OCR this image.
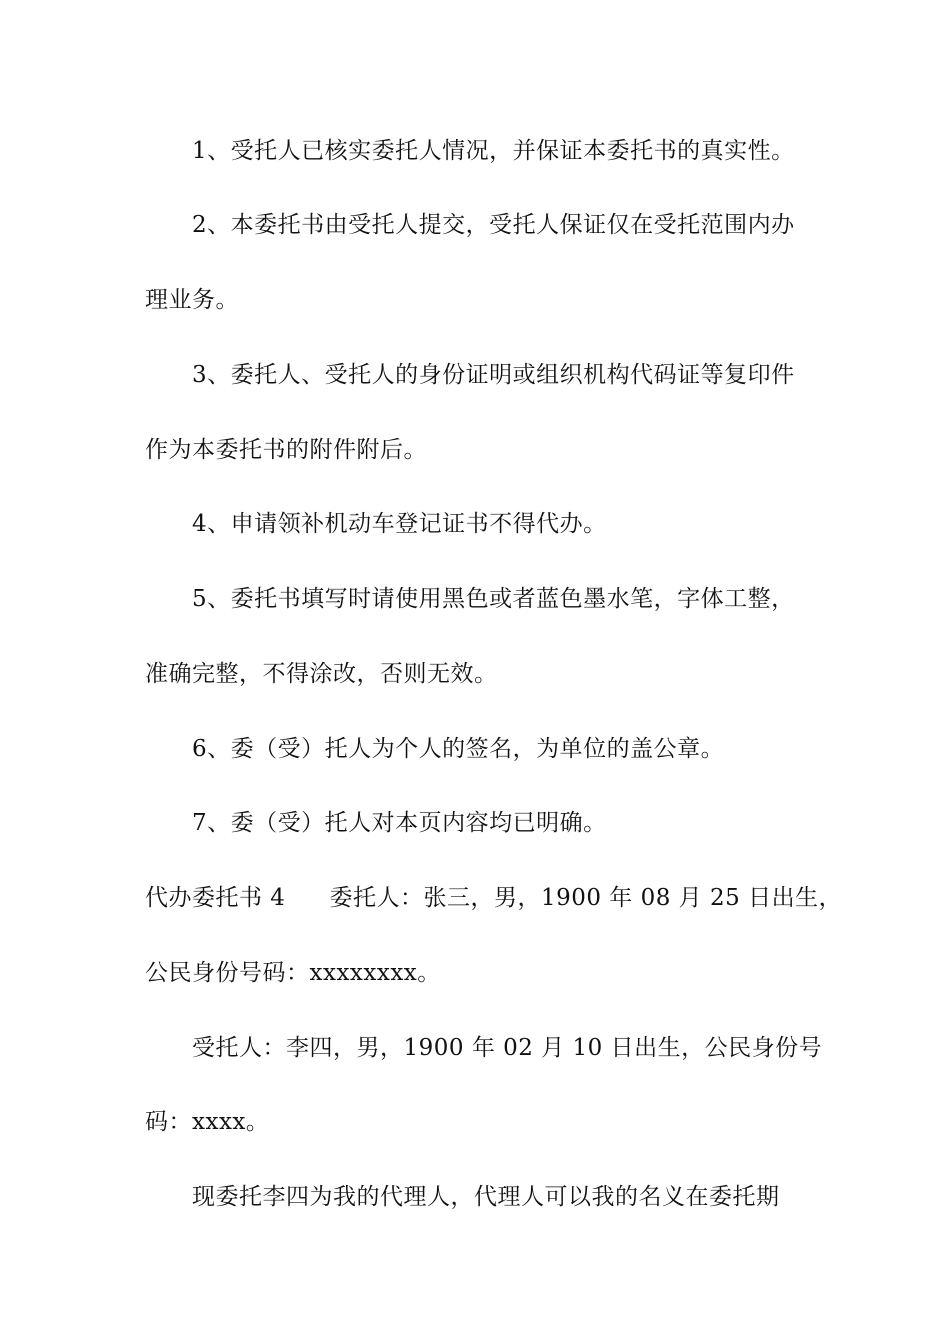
1、受托人已核实委托人情况，并保证本委托书的真实性。
2、本委托书由受托人提交，受托人保证仅在受托范围内办
理业务。
3、委托人、受托人的身份证明或组织机构代码证等复印件
作为本委托书的附件附后。
4、申请领补机动车登记证书不得代办。
5、委托书填写时请使用黑色或者蓝色墨水笔，字体工整，
准确完整，不得涂改，否则无效。
6、委（受）托人为个人的签名，为单位的盖公章。
7、委（受）托人对本页内容均已明确。
代办委托书 4 委托人：张三，男，1900 年 08 月 25 日出生，
公民身份号码：xxxxxxxx。
受托人：李四，男，1900 年 02 月 10 日出生，公民身份号
码：xxxx。
现委托李四为我的代理人，代理人可以我的名义在委托期
